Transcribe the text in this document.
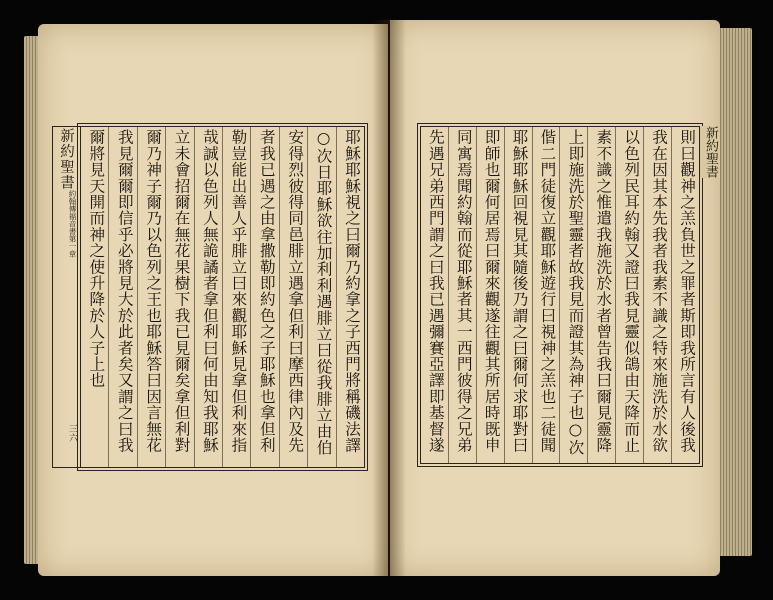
新約聖書
約翰傳福音書第一章
三六
耶穌耶穌視之曰爾乃約拿之子西門將稱磯法譯
○次日耶穌欲往加利利遇腓立曰從我腓立由伯
安得烈彼得同邑腓立遇拿但利曰摩西律內及先
者我已遇之由拿撒勒即約色之子耶穌也拿但利
勒豈能出善人乎腓立曰來觀耶穌見拿但利來指
哉誠以色列人無詭譎者拿但利曰何由知我耶穌
立未會招爾在無花果樹下我已見爾矣拿但利對
爾乃神子爾乃以色列之王也耶穌答曰因言無花
我見爾爾即信乎必將見大於此者矣又謂之曰我
爾將見天開而神之使升降於人子上也	則曰觀神之羔負世之罪者斯即我所言有人後我
我在因其本先我者我素不識之特來施洗於水欲
以色列民耳約翰又證曰我見靈似鴿由天降而止
素不識之惟遣我施洗於水者曾告我曰爾見靈降
上即施洗於聖靈者故我見而證其為神子也○次
偕二門徒復立觀耶穌遊行曰視神之羔也二徒聞
耶穌耶穌回視見其隨後乃謂之曰爾何求耶對曰
即師也爾何居焉曰爾來觀遂往觀其所居時既申
同寓焉聞約翰而從耶穌者其一西門彼得之兄弟
先遇兄弟西門謂之曰我已遇彌賽亞譯即基督遂
新約聖書
